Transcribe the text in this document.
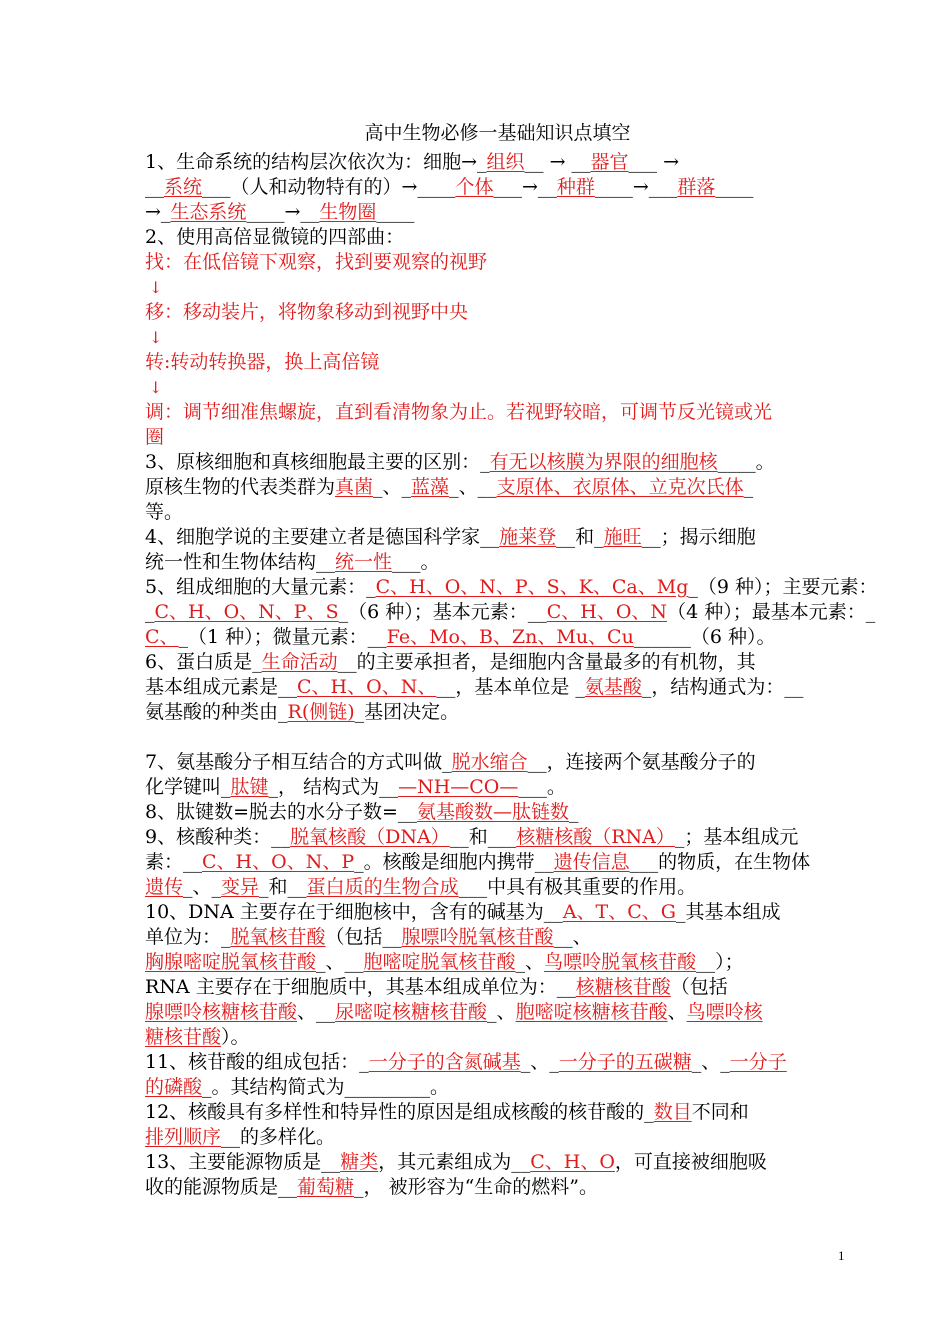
高中生物必修一基础知识点填空
1、生命系统的结构层次依次为：细胞→_组织__ → __器官___ →
__系统___（人和动物特有的）→____个体___→__种群____→___群落____
→_生态系统____→__生物圈____
2、使用高倍显微镜的四部曲：
找：在低倍镜下观察，找到要观察的视野
↓
移：移动装片，将物象移动到视野中央
↓
转:转动转换器，换上高倍镜
↓
调：调节细准焦螺旋，直到看清物象为止。若视野较暗，可调节反光镜或光
圈
3、原核细胞和真核细胞最主要的区别：_有无以核膜为界限的细胞核____。
原核生物的代表类群为真菌_、_蓝藻_、__支原体、衣原体、立克次氏体_
等。
4、细胞学说的主要建立者是德国科学家__施莱登__和_施旺__；揭示细胞
统一性和生物体结构__统一性___。
5、组成细胞的大量元素：_C、H、O、N、P、S、K、Ca、Mg_（9 种）；主要元素：
_C、H、O、N、P、S_（6 种）；基本元素：__C、H、O、N（4 种）；最基本元素：_
C、_（1 种）；微量元素：__Fe、Mo、B、Zn、Mu、Cu______（6 种）。
6、蛋白质是_生命活动__的主要承担者，是细胞内含量最多的有机物，其
基本组成元素是__C、H、O、N、__，基本单位是 _氨基酸_，结构通式为：__
氨基酸的种类由_R(侧链)_基团决定。
7、氨基酸分子相互结合的方式叫做_脱水缩合__，连接两个氨基酸分子的
化学键叫_肽键_， 结构式为__—NH—CO—___。
8、肽键数=脱去的水分子数=__氨基酸数—肽链数_
9、核酸种类：__脱氧核酸（DNA）__和___核糖核酸（RNA）_；基本组成元
素：__C、H、O、N、P_。核酸是细胞内携带__遗传信息___的物质，在生物体
遗传_、_变异_和__蛋白质的生物合成___中具有极其重要的作用。
10、DNA 主要存在于细胞核中，含有的碱基为__A、T、C、G_其基本组成
单位为：_脱氧核苷酸（包括__腺嘌呤脱氧核苷酸__、
胸腺嘧啶脱氧核苷酸_、__胞嘧啶脱氧核苷酸_、鸟嘌呤脱氧核苷酸__）；
RNA 主要存在于细胞质中，其基本组成单位为：__核糖核苷酸（包括
腺嘌呤核糖核苷酸、__尿嘧啶核糖核苷酸_、胞嘧啶核糖核苷酸、鸟嘌呤核
糖核苷酸）。
11、核苷酸的组成包括：_一分子的含氮碱基_、_一分子的五碳糖_、_一分子
的磷酸_。其结构简式为_________。
12、核酸具有多样性和特异性的原因是组成核酸的核苷酸的_数目不同和
排列顺序__的多样化。
13、主要能源物质是__糖类，其元素组成为__C、H、O，可直接被细胞吸
收的能源物质是__葡萄糖_， 被形容为“生命的燃料”。
1
